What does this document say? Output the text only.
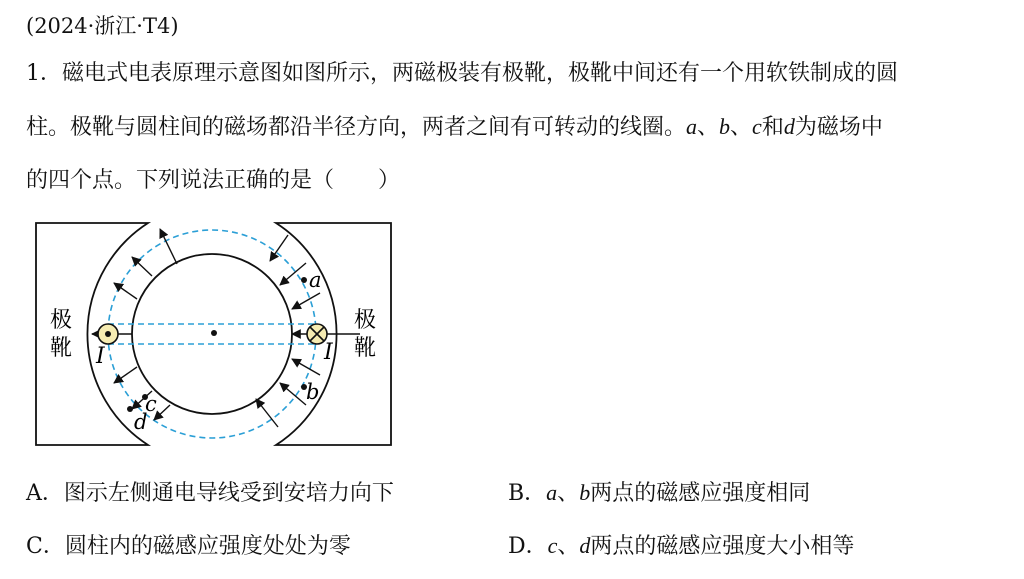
(2024·浙江·T4)
1．磁电式电表原理示意图如图所示，两磁极装有极靴，极靴中间还有一个用软铁制成的圆
柱。极靴与圆柱间的磁场都沿半径方向，两者之间有可转动的线圈。a、b、c和d为磁场中
的四个点。下列说法正确的是（　　）
极
靴
极
靴
I	I
a
b
c
d
A．图示左侧通电导线受到安培力向下	B．a、b两点的磁感应强度相同
C．圆柱内的磁感应强度处处为零	D．c、d两点的磁感应强度大小相等
